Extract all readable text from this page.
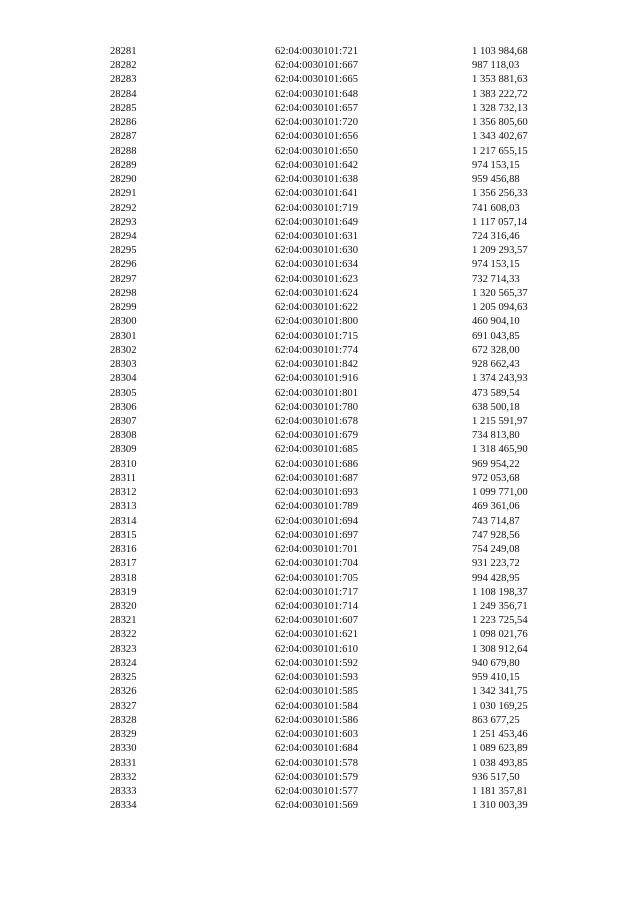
28281	62:04:0030101:721	1 103 984,68
28282	62:04:0030101:667	987 118,03
28283	62:04:0030101:665	1 353 881,63
28284	62:04:0030101:648	1 383 222,72
28285	62:04:0030101:657	1 328 732,13
28286	62:04:0030101:720	1 356 805,60
28287	62:04:0030101:656	1 343 402,67
28288	62:04:0030101:650	1 217 655,15
28289	62:04:0030101:642	974 153,15
28290	62:04:0030101:638	959 456,88
28291	62:04:0030101:641	1 356 256,33
28292	62:04:0030101:719	741 608,03
28293	62:04:0030101:649	1 117 057,14
28294	62:04:0030101:631	724 316,46
28295	62:04:0030101:630	1 209 293,57
28296	62:04:0030101:634	974 153,15
28297	62:04:0030101:623	732 714,33
28298	62:04:0030101:624	1 320 565,37
28299	62:04:0030101:622	1 205 094,63
28300	62:04:0030101:800	460 904,10
28301	62:04:0030101:715	691 043,85
28302	62:04:0030101:774	672 328,00
28303	62:04:0030101:842	928 662,43
28304	62:04:0030101:916	1 374 243,93
28305	62:04:0030101:801	473 589,54
28306	62:04:0030101:780	638 500,18
28307	62:04:0030101:678	1 215 591,97
28308	62:04:0030101:679	734 813,80
28309	62:04:0030101:685	1 318 465,90
28310	62:04:0030101:686	969 954,22
28311	62:04:0030101:687	972 053,68
28312	62:04:0030101:693	1 099 771,00
28313	62:04:0030101:789	469 361,06
28314	62:04:0030101:694	743 714,87
28315	62:04:0030101:697	747 928,56
28316	62:04:0030101:701	754 249,08
28317	62:04:0030101:704	931 223,72
28318	62:04:0030101:705	994 428,95
28319	62:04:0030101:717	1 108 198,37
28320	62:04:0030101:714	1 249 356,71
28321	62:04:0030101:607	1 223 725,54
28322	62:04:0030101:621	1 098 021,76
28323	62:04:0030101:610	1 308 912,64
28324	62:04:0030101:592	940 679,80
28325	62:04:0030101:593	959 410,15
28326	62:04:0030101:585	1 342 341,75
28327	62:04:0030101:584	1 030 169,25
28328	62:04:0030101:586	863 677,25
28329	62:04:0030101:603	1 251 453,46
28330	62:04:0030101:684	1 089 623,89
28331	62:04:0030101:578	1 038 493,85
28332	62:04:0030101:579	936 517,50
28333	62:04:0030101:577	1 181 357,81
28334	62:04:0030101:569	1 310 003,39
